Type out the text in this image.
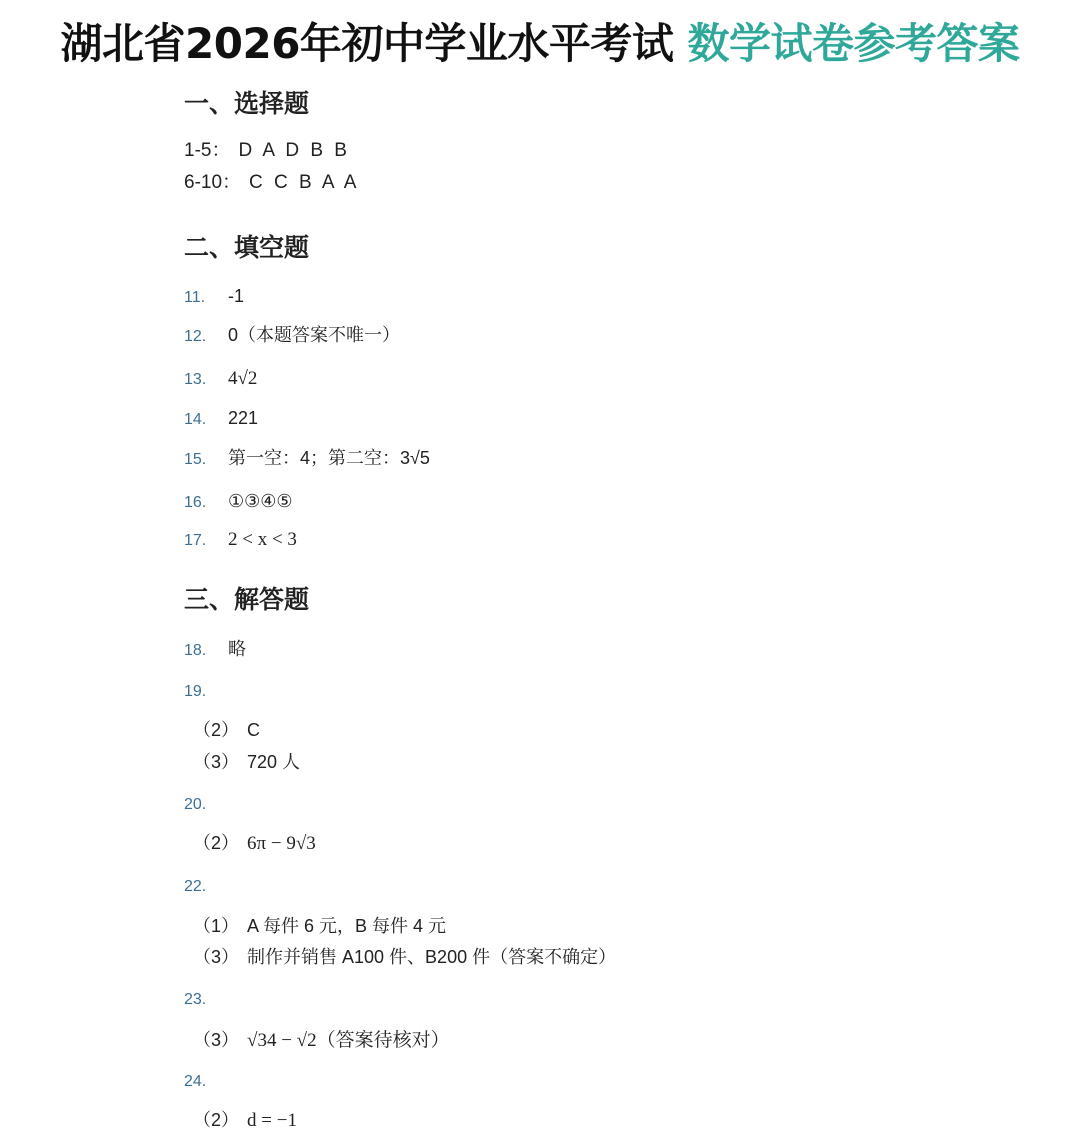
湖北省2026年初中学业水平考试 数学试卷参考答案
一、选择题
1-5： D A D B B
6-10： C C B A A
二、填空题
11. -1
12. 0（本题答案不唯一）
13. 4√2
14. 221
15. 第一空：4；第二空：3√5
16. ①③④⑤
17. 2 < x < 3
三、解答题
18. 略
19.
（2） C
（3） 720 人
20.
（2） 6π − 9√3
22.
（1） A 每件 6 元，B 每件 4 元
（3） 制作并销售 A100 件、B200 件（答案不确定）
23.
（3） √34 − √2（答案待核对）
24.
（2） d = −1
